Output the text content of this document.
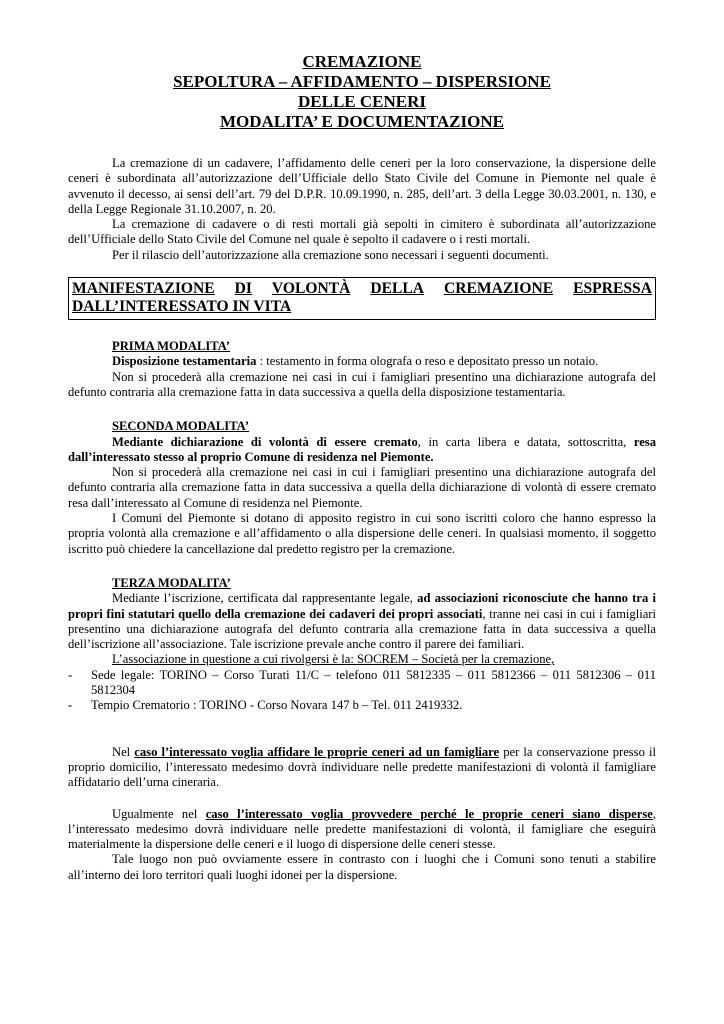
CREMAZIONE
SEPOLTURA – AFFIDAMENTO – DISPERSIONE
DELLE CENERI
MODALITA’ E DOCUMENTAZIONE

La cremazione di un cadavere, l’affidamento delle ceneri per la loro conservazione, la dispersione delle ceneri è subordinata all’autorizzazione dell’Ufficiale dello Stato Civile del Comune in Piemonte nel quale è avvenuto il decesso, ai sensi dell’art. 79 del D.P.R. 10.09.1990, n. 285, dell’art. 3 della Legge 30.03.2001, n. 130, e della Legge Regionale 31.10.2007, n. 20.

La cremazione di cadavere o di resti mortali già sepolti in cimitero è subordinata all’autorizzazione dell’Ufficiale dello Stato Civile del Comune nel quale è sepolto il cadavere o i resti mortali.

Per il rilascio dell’autorizzazione alla cremazione sono necessari i seguenti documenti.

MANIFESTAZIONE DI VOLONTÀ DELLA CREMAZIONE ESPRESSA
DALL’INTERESSATO IN VITA
PRIMA MODALITA’

Disposizione testamentaria : testamento in forma olografa o reso e depositato presso un notaio.

Non si procederà alla cremazione nei casi in cui i famigliari presentino una dichiarazione autografa del defunto contraria alla cremazione fatta in data successiva a quella della disposizione testamentaria.

SECONDA MODALITA’

Mediante dichiarazione di volontà di essere cremato, in carta libera e datata, sottoscritta, resa dall’interessato stesso al proprio Comune di residenza nel Piemonte.

Non si procederà alla cremazione nei casi in cui i famigliari presentino una dichiarazione autografa del defunto contraria alla cremazione fatta in data successiva a quella della dichiarazione di volontà di essere cremato resa dall’interessato al Comune di residenza nel Piemonte.

I Comuni del Piemonte si dotano di apposito registro in cui sono iscritti coloro che hanno espresso la propria volontà alla cremazione e all’affidamento o alla dispersione delle ceneri. In qualsiasi momento, il soggetto iscritto può chiedere la cancellazione dal predetto registro per la cremazione.

TERZA MODALITA’

Mediante l’iscrizione, certificata dal rappresentante legale, ad associazioni riconosciute che hanno tra i propri fini statutari quello della cremazione dei cadaveri dei propri associati, tranne nei casi in cui i famigliari presentino una dichiarazione autografa del defunto contraria alla cremazione fatta in data successiva a quella dell’iscrizione all’associazione. Tale iscrizione prevale anche contro il parere dei familiari.

L’associazione in questione a cui rivolgersi è la: SOCREM – Società per la cremazione,

- Sede legale: TORINO – Corso Turati 11/C – telefono 011 5812335 – 011 5812366 – 011 5812306 – 011 5812304
- Tempio Crematorio : TORINO - Corso Novara 147 b – Tel. 011 2419332.

Nel caso l’interessato voglia affidare le proprie ceneri ad un famigliare per la conservazione presso il proprio domicilio, l’interessato medesimo dovrà individuare nelle predette manifestazioni di volontà il famigliare affidatario dell’urna cineraria.

Ugualmente nel caso l’interessato voglia provvedere perché le proprie ceneri siano disperse, l’interessato medesimo dovrà individuare nelle predette manifestazioni di volontà, il famigliare che eseguirà materialmente la dispersione delle ceneri e il luogo di dispersione delle ceneri stesse.

Tale luogo non può ovviamente essere in contrasto con i luoghi che i Comuni sono tenuti a stabilire all’interno dei loro territori quali luoghi idonei per la dispersione.
